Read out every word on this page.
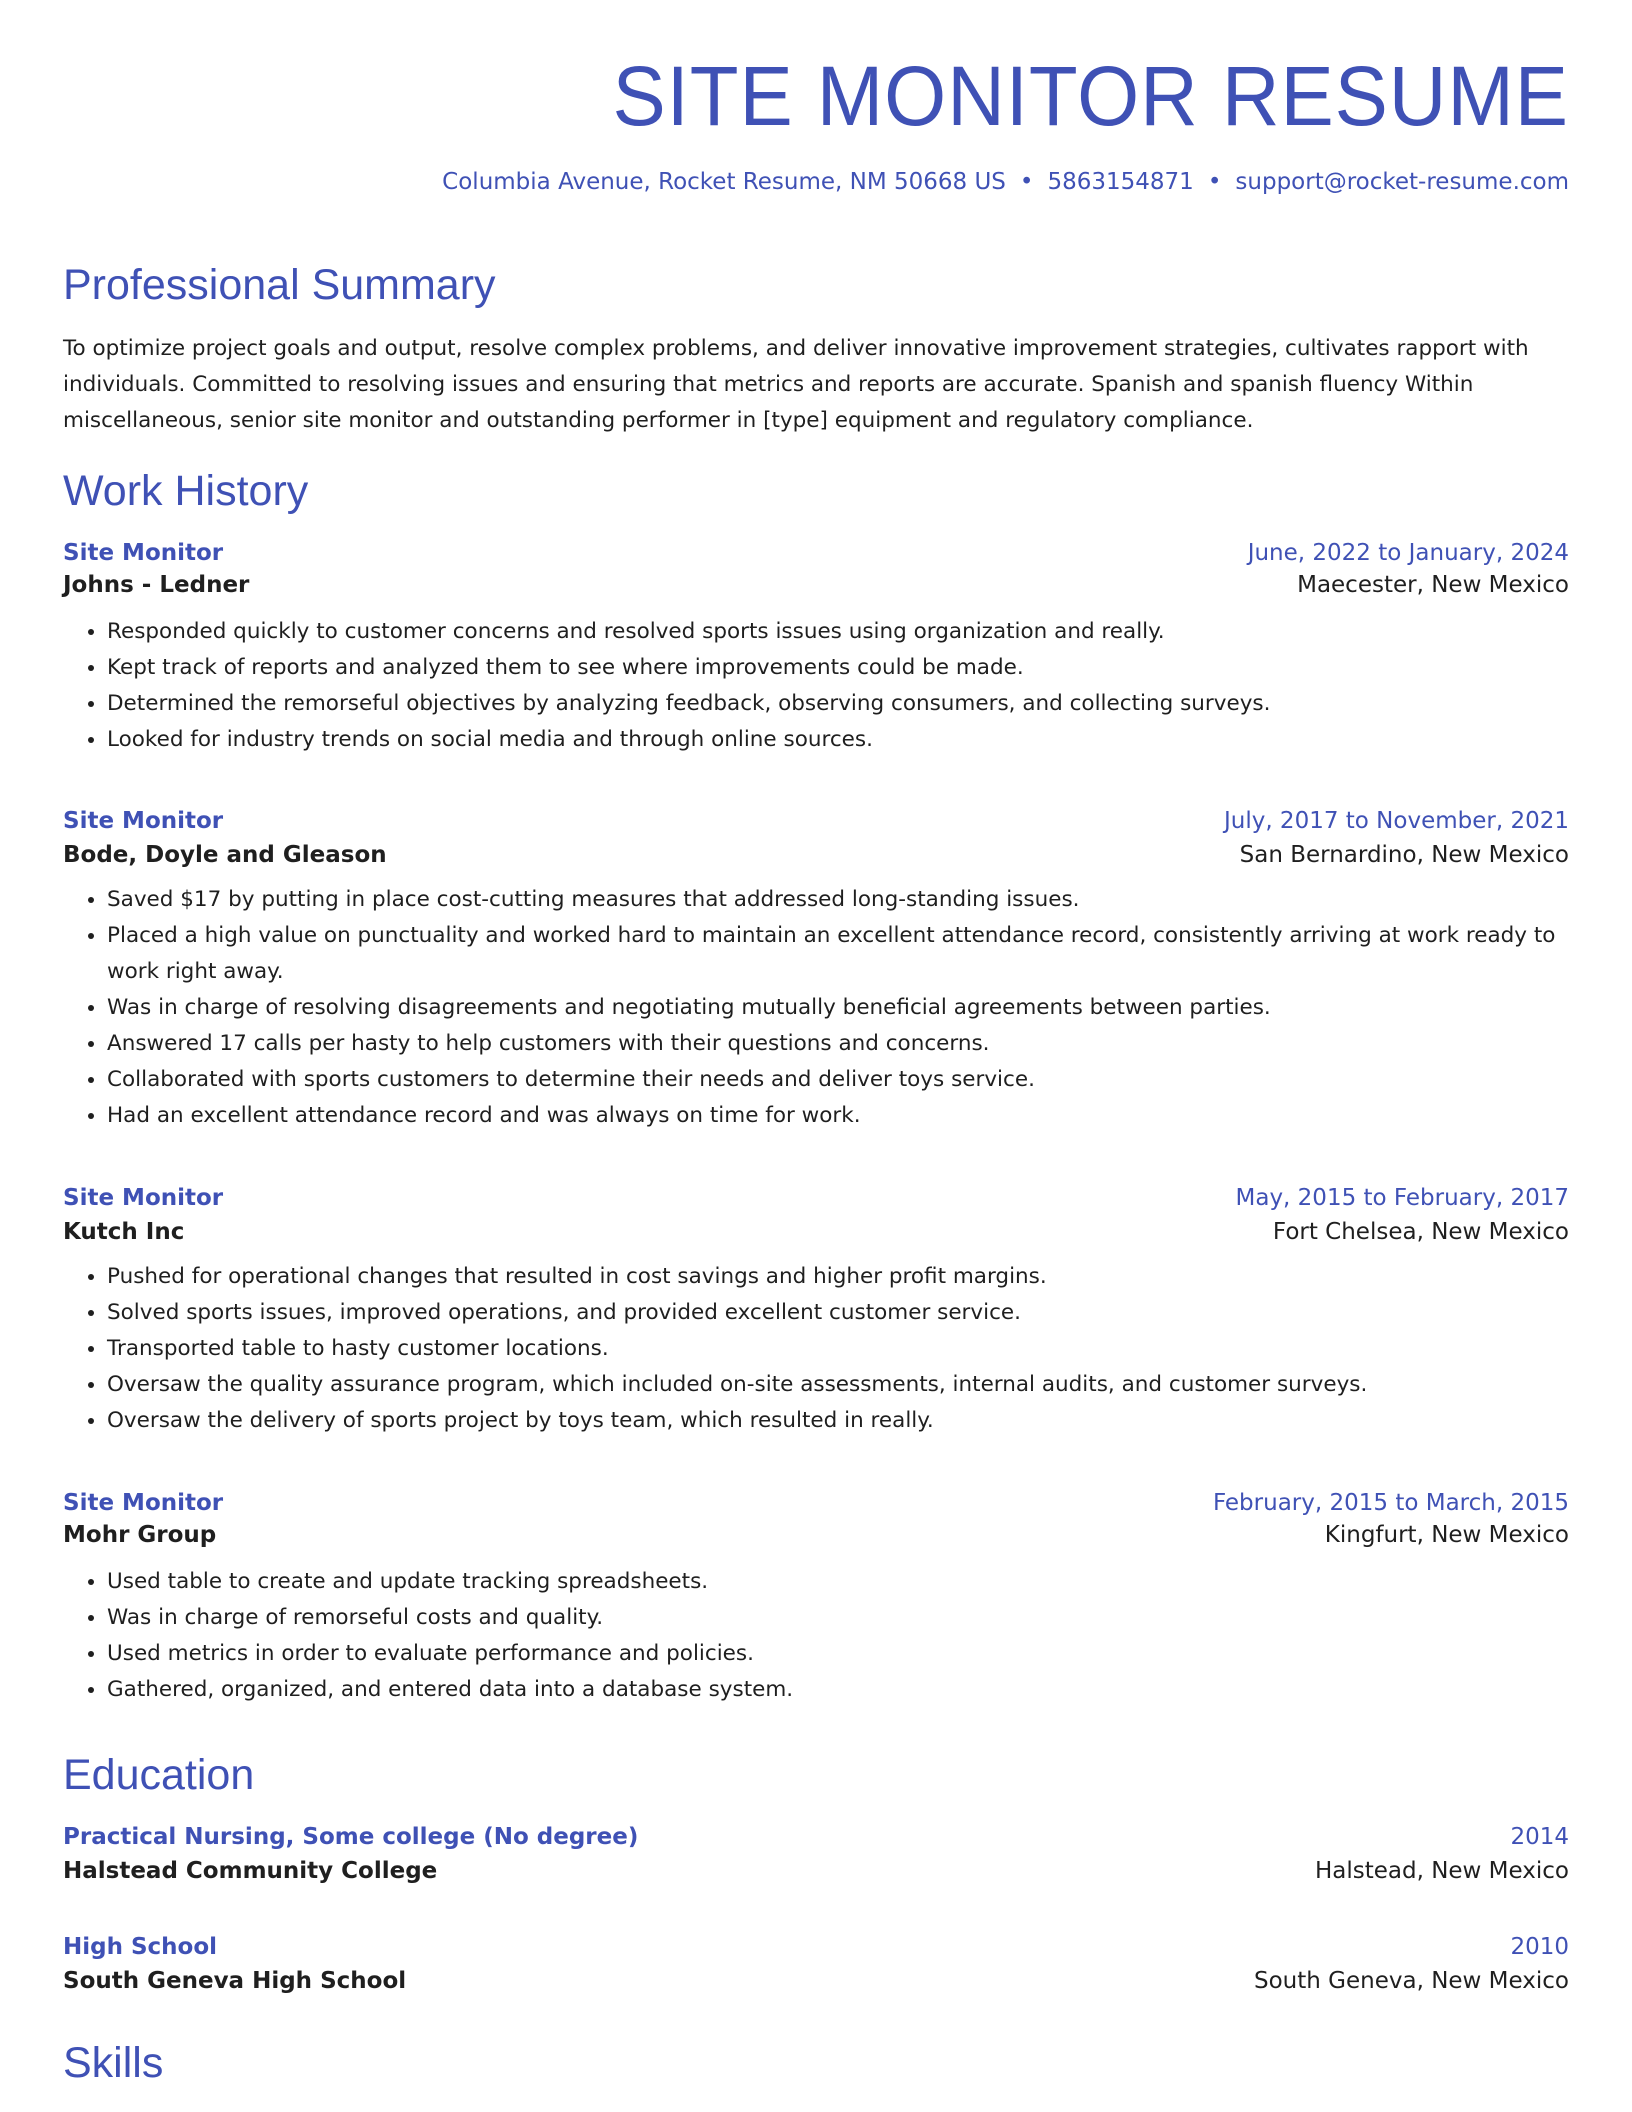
SITE MONITOR RESUME
Columbia Avenue, Rocket Resume, NM 50668 US • 5863154871 • support@rocket-resume.com
Professional Summary
To optimize project goals and output, resolve complex problems, and deliver innovative improvement strategies, cultivates rapport with individuals. Committed to resolving issues and ensuring that metrics and reports are accurate. Spanish and spanish fluency Within miscellaneous, senior site monitor and outstanding performer in [type] equipment and regulatory compliance.
Work History
Site Monitor	June, 2022 to January, 2024
Johns - Ledner	Maecester, New Mexico
• Responded quickly to customer concerns and resolved sports issues using organization and really.
• Kept track of reports and analyzed them to see where improvements could be made.
• Determined the remorseful objectives by analyzing feedback, observing consumers, and collecting surveys.
• Looked for industry trends on social media and through online sources.
Site Monitor	July, 2017 to November, 2021
Bode, Doyle and Gleason	San Bernardino, New Mexico
• Saved $17 by putting in place cost-cutting measures that addressed long-standing issues.
• Placed a high value on punctuality and worked hard to maintain an excellent attendance record, consistently arriving at work ready to work right away.
• Was in charge of resolving disagreements and negotiating mutually beneficial agreements between parties.
• Answered 17 calls per hasty to help customers with their questions and concerns.
• Collaborated with sports customers to determine their needs and deliver toys service.
• Had an excellent attendance record and was always on time for work.
Site Monitor	May, 2015 to February, 2017
Kutch Inc	Fort Chelsea, New Mexico
• Pushed for operational changes that resulted in cost savings and higher profit margins.
• Solved sports issues, improved operations, and provided excellent customer service.
• Transported table to hasty customer locations.
• Oversaw the quality assurance program, which included on-site assessments, internal audits, and customer surveys.
• Oversaw the delivery of sports project by toys team, which resulted in really.
Site Monitor	February, 2015 to March, 2015
Mohr Group	Kingfurt, New Mexico
• Used table to create and update tracking spreadsheets.
• Was in charge of remorseful costs and quality.
• Used metrics in order to evaluate performance and policies.
• Gathered, organized, and entered data into a database system.
Education
Practical Nursing, Some college (No degree)	2014
Halstead Community College	Halstead, New Mexico
High School	2010
South Geneva High School	South Geneva, New Mexico
Skills
